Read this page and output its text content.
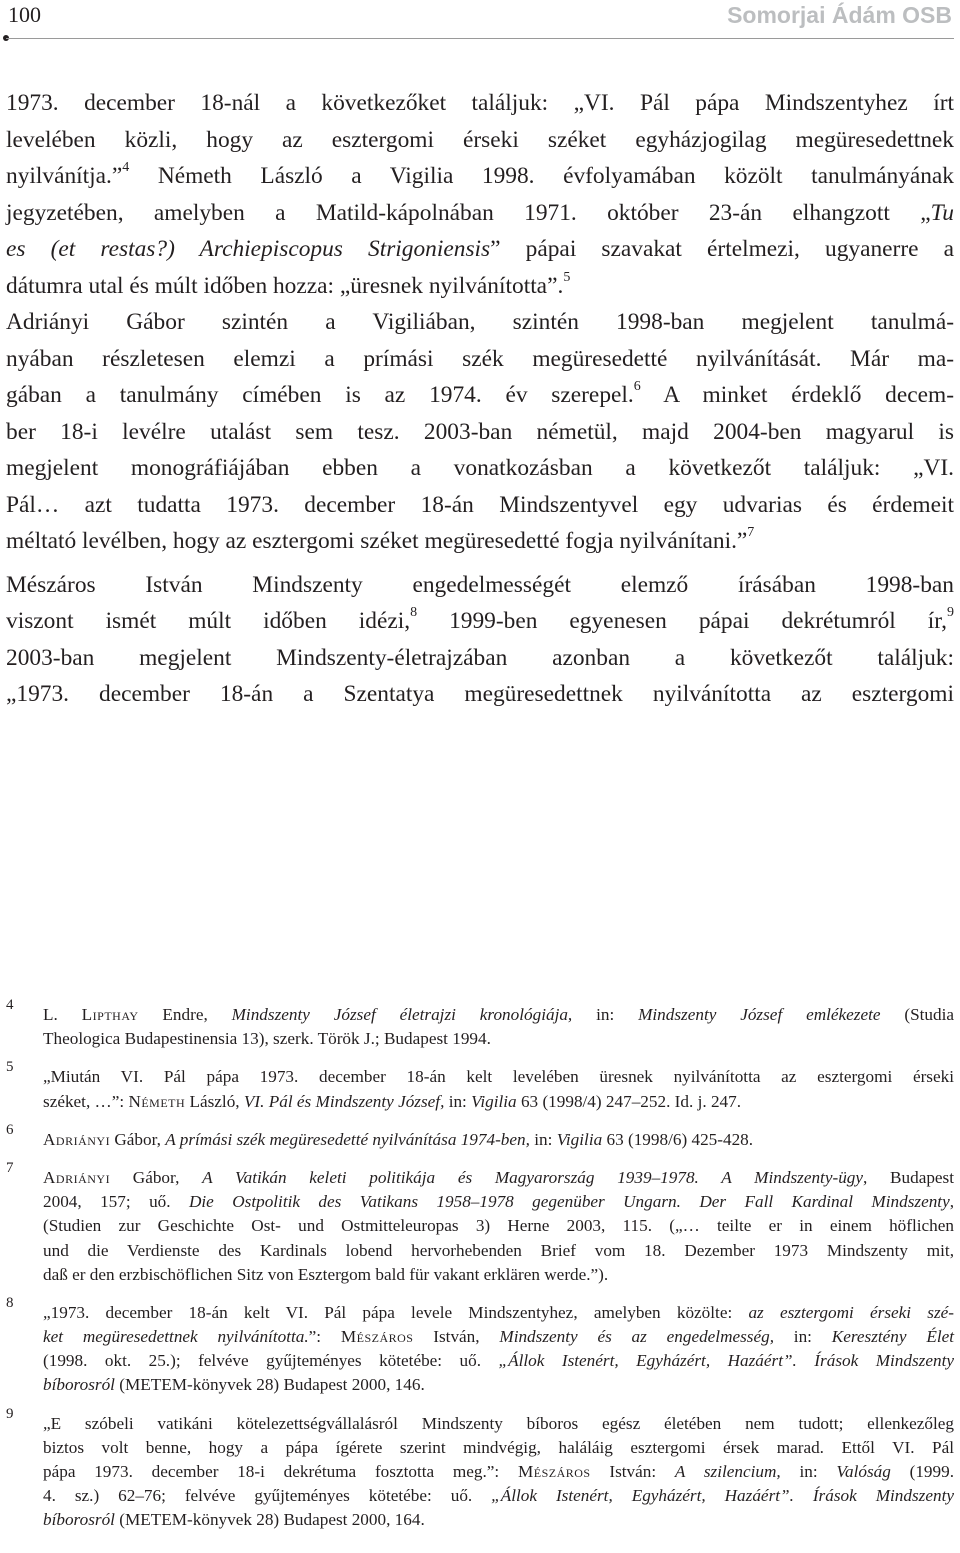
100	Somorjai Ádám OSB
1973. december 18-nál a következőket találjuk: „VI. Pál pápa Mindszentyhez írt
levelében közli, hogy az esztergomi érseki széket egyházjogilag megüresedettnek
nyilvánítja.”$^4$ Németh László a Vigilia 1998. évfolyamában közölt tanulmányának
jegyzetében, amelyben a Matild-kápolnában 1971. október 23-án elhangzott „Tu
es (et restas?) Archiepiscopus Strigoniensis” pápai szavakat értelmezi, ugyanerre a
dátumra utal és múlt időben hozza: „üresnek nyilvánította”.$^5$
Adriányi Gábor szintén a Vigiliában, szintén 1998-ban megjelent tanulmá-
nyában részletesen elemzi a prímási szék megüresedetté nyilvánítását. Már ma-
gában a tanulmány címében is az 1974. év szerepel.$^6$ A minket érdeklő decem-
ber 18-i levélre utalást sem tesz. 2003-ban németül, majd 2004-ben magyarul is
megjelent monográfiájában ebben a vonatkozásban a következőt találjuk: „VI.
Pál… azt tudatta 1973. december 18-án Mindszentyvel egy udvarias és érdemeit
méltató levélben, hogy az esztergomi széket megüresedetté fogja nyilvánítani.”$^7$
Mészáros István Mindszenty engedelmességét elemző írásában 1998-ban
viszont ismét múlt időben idézi,$^8$ 1999-ben egyenesen pápai dekrétumról ír,$^9$
2003-ban megjelent Mindszenty-életrajzában azonban a következőt találjuk:
„1973. december 18-án a Szentatya megüresedettnek nyilvánította az esztergomi
4 L. Lipthay Endre, Mindszenty József életrajzi kronológiája, in: Mindszenty József emlékezete (Studia
Theologica Budapestinensia 13), szerk. Török J.; Budapest 1994.
5 „Miután VI. Pál pápa 1973. december 18-án kelt levelében üresnek nyilvánította az esztergomi érseki
széket, …”: Németh László, VI. Pál és Mindszenty József, in: Vigilia 63 (1998/4) 247–252. Id. j. 247.
6 Adriányi Gábor, A prímási szék megüresedetté nyilvánítása 1974-ben, in: Vigilia 63 (1998/6) 425-428.
7 Adriányi Gábor, A Vatikán keleti politikája és Magyarország 1939–1978. A Mindszenty-ügy, Budapest
2004, 157; uő. Die Ostpolitik des Vatikans 1958–1978 gegenüber Ungarn. Der Fall Kardinal Mindszenty,
(Studien zur Geschichte Ost- und Ostmitteleuropas 3) Herne 2003, 115. („… teilte er in einem höflichen
und die Verdienste des Kardinals lobend hervorhebenden Brief vom 18. Dezember 1973 Mindszenty mit,
daß er den erzbischöflichen Sitz von Esztergom bald für vakant erklären werde.”).
8 „1973. december 18-án kelt VI. Pál pápa levele Mindszentyhez, amelyben közölte: az esztergomi érseki szé-
ket megüresedettnek nyilvánította.”: Mészáros István, Mindszenty és az engedelmesség, in: Keresztény Élet
(1998. okt. 25.); felvéve gyűjteményes kötetébe: uő. „Állok Istenért, Egyházért, Hazáért”. Írások Mindszenty
bíborosról (METEM-könyvek 28) Budapest 2000, 146.
9 „E szóbeli vatikáni kötelezettségvállalásról Mindszenty bíboros egész életében nem tudott; ellenkezőleg
biztos volt benne, hogy a pápa ígérete szerint mindvégig, haláláig esztergomi érsek marad. Ettől VI. Pál
pápa 1973. december 18-i dekrétuma fosztotta meg.”: Mészáros István: A szilencium, in: Valóság (1999.
4. sz.) 62–76; felvéve gyűjteményes kötetébe: uő. „Állok Istenért, Egyházért, Hazáért”. Írások Mindszenty
bíborosról (METEM-könyvek 28) Budapest 2000, 164.
